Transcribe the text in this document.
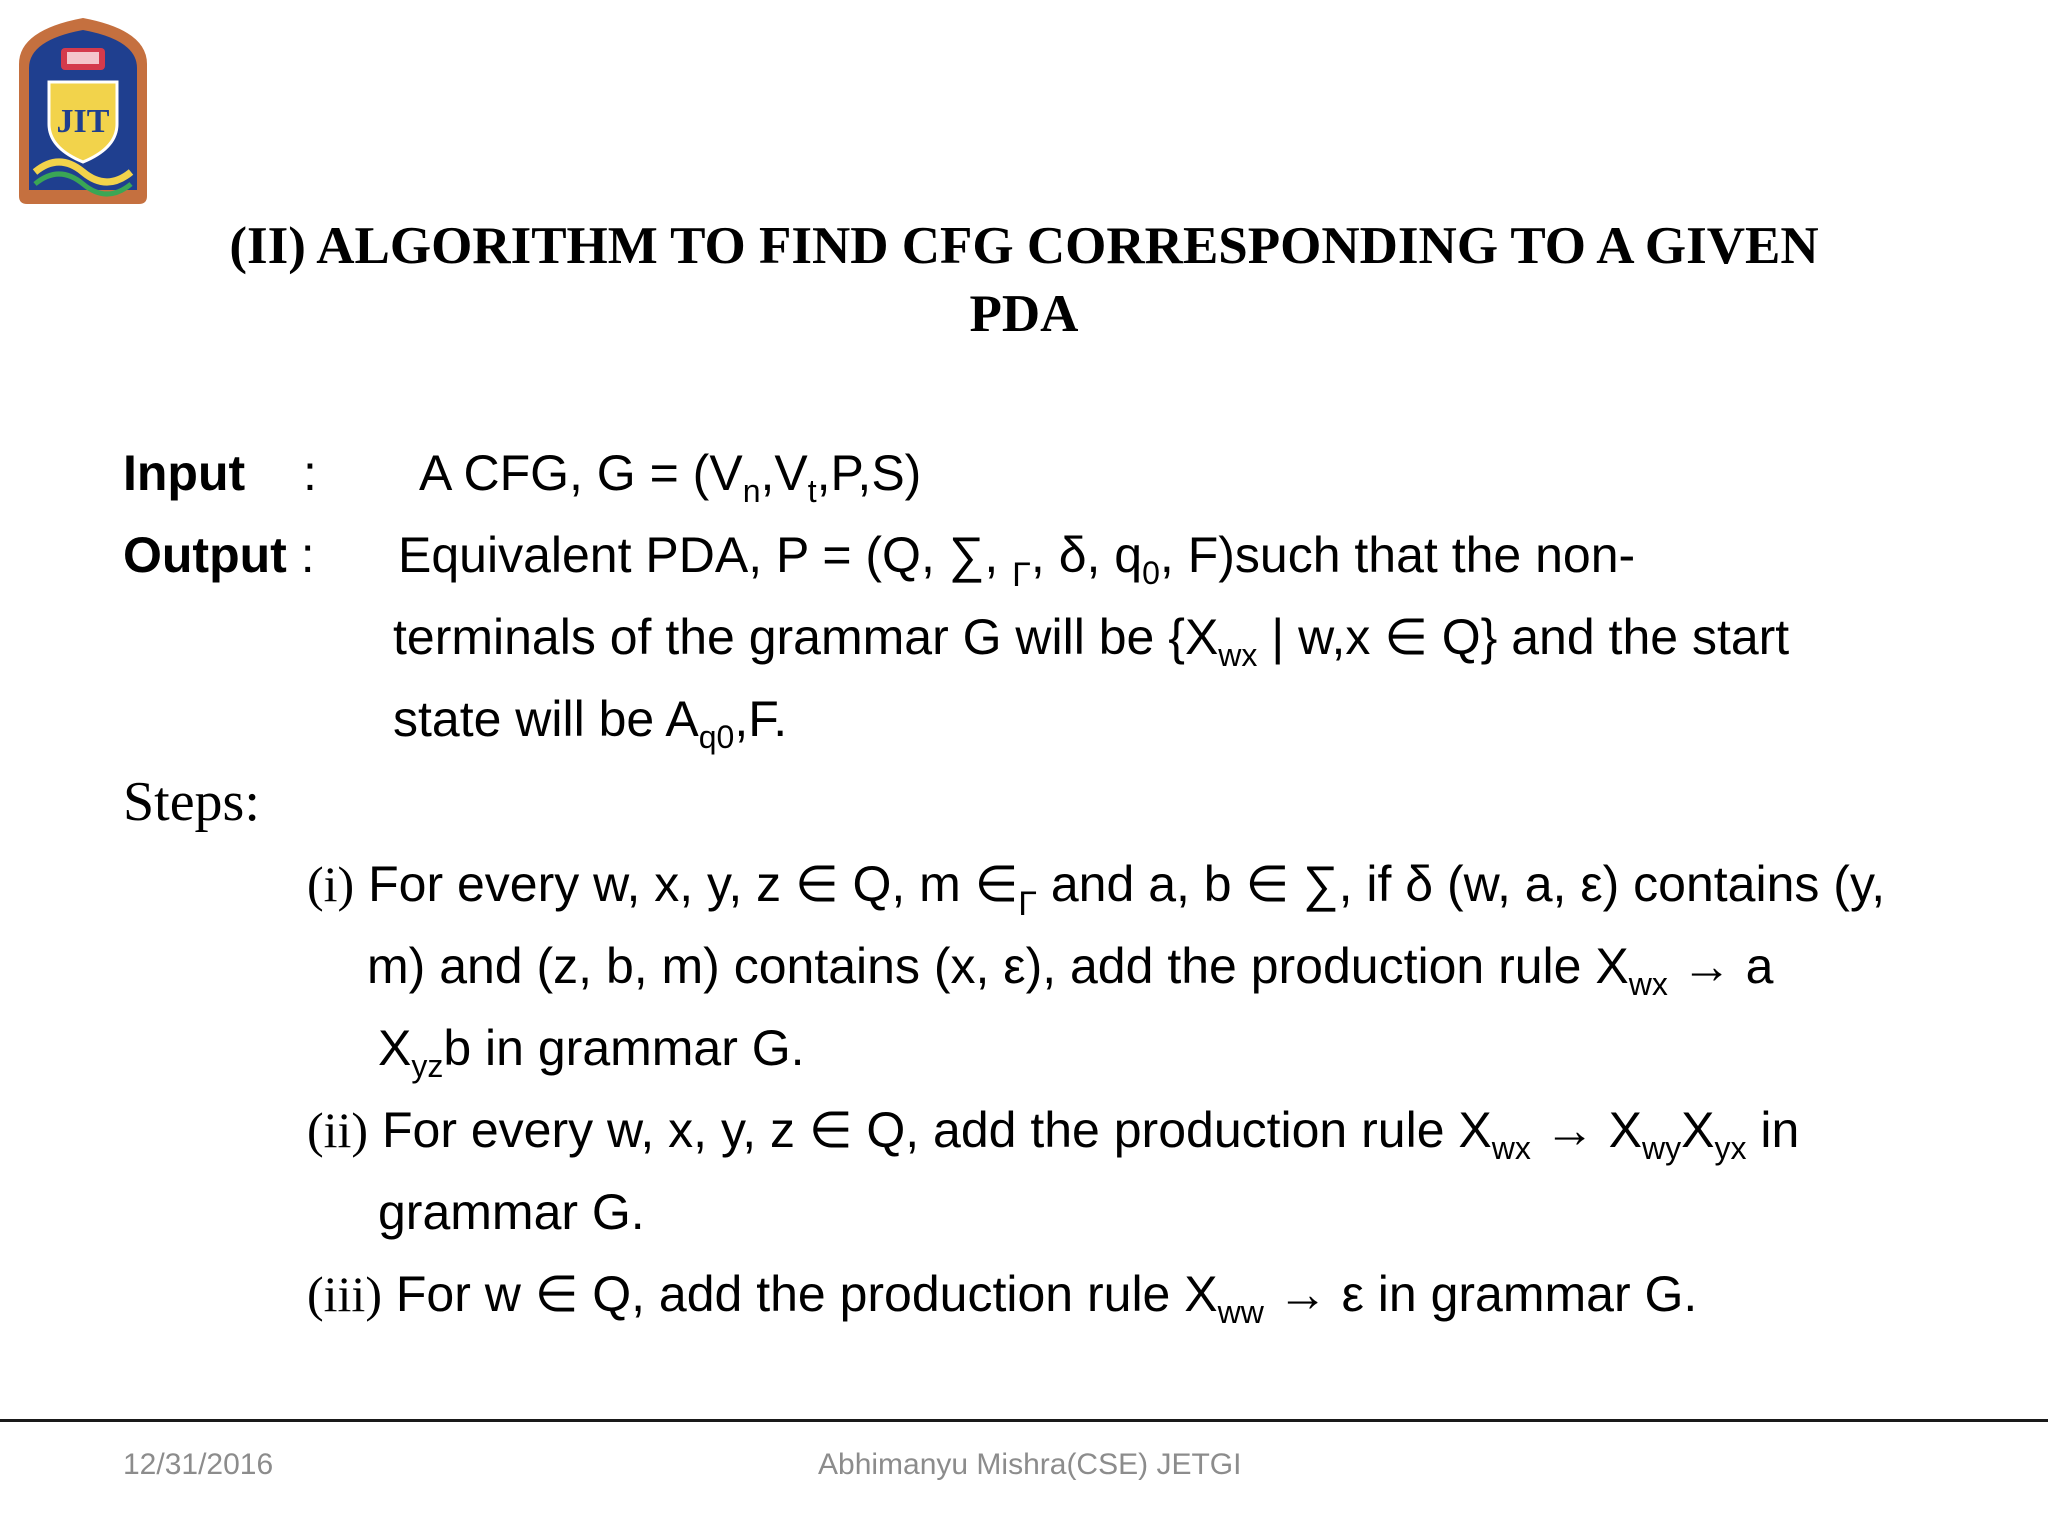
JIT
(II) ALGORITHM TO FIND CFG CORRESPONDING TO A GIVEN
PDA
Input : A CFG, $G = (V_n,V_t,P,S)$
Output : Equivalent PDA, P = (Q, ∑, Γ, δ, $q_0$, F)such that the non-
terminals of the grammar G will be {$X_{wx}$ | w,x ∈ Q} and the start
state will be $A_{q0},F$.
Steps:
(i) For every w, x, y, z ∈ Q, m ∈Γ and a, b ∈ ∑, if δ (w, a, ε) contains (y,
m) and (z, b, m) contains (x, ε), add the production rule $X_{wx} \to a$
$X_{yz}b$ in grammar G.
(ii) For every w, x, y, z ∈ Q, add the production rule $X_{wx} \to X_{wy}X_{yx}$ in
grammar G.
(iii) For w ∈ Q, add the production rule $X_{ww} \to \varepsilon$ in grammar G.
12/31/2016	Abhimanyu Mishra(CSE) JETGI
